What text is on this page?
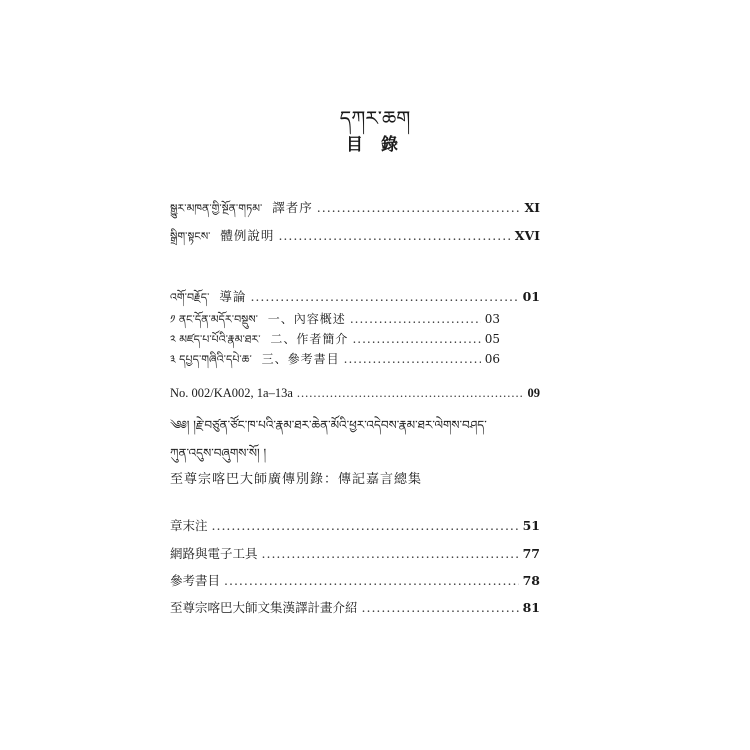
དཀར་ཆག
目 錄
སྒྱུར་མཁན་གྱི་སྔོན་གཏམ་ 譯者序 .....	XI
སྒྲིག་སྟངས་ 體例說明 .....	XVI
འགོ་བརྗོད་ 導論 .....	01
༡ ནང་དོན་མདོར་བསྡུས་ 一、內容概述 .....	03
༢ མཛད་པ་པོའི་རྣམ་ཐར་ 二、作者簡介 .....	05
༣ དཔྱད་གཞིའི་དཔེ་ཆ་ 三、參考書目 .....	06
No. 002/KA002, 1a–13a .....	09
༄༅། །རྗེ་བཙུན་ཙོང་ཁ་པའི་རྣམ་ཐར་ཆེན་མོའི་ཕྱར་འདེབས་རྣམ་ཐར་ལེགས་བཤད་
ཀུན་འདུས་བཞུགས་སོ། །
至尊宗喀巴大師廣傳別錄：傳記嘉言總集
章末注 .....	51
網路與電子工具 .....	77
參考書目 .....	78
至尊宗喀巴大師文集漢譯計畫介紹 .....	81
